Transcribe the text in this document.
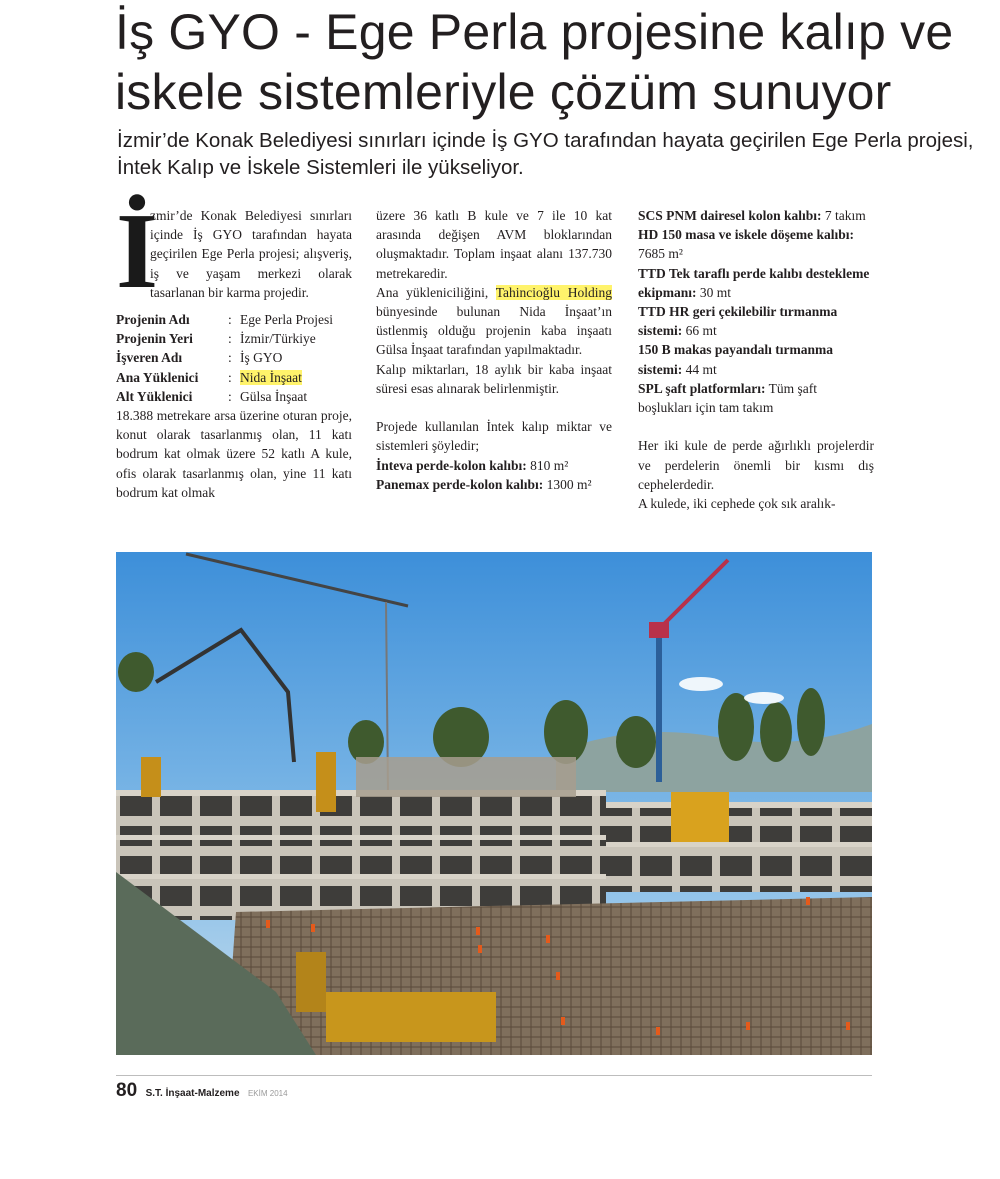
İş GYO - Ege Perla projesine kalıp ve iskele sistemleriyle çözüm sunuyor

İzmir’de Konak Belediyesi sınırları içinde İş GYO tarafından hayata geçirilen Ege Perla projesi, İntek Kalıp ve İskele Sistemleri ile yükseliyor.

İ
zmir’de Konak Belediyesi sınırları içinde İş GYO tarafından hayata geçirilen Ege Perla projesi; alışveriş, iş ve yaşam merkezi olarak tasarlanan bir karma projedir.

Projenin Adı	:	Ege Perla Projesi
Projenin Yeri	:	İzmir/Türkiye
İşveren Adı	:	İş GYO
Ana Yüklenici	:	Nida İnşaat
Alt Yüklenici	:	Gülsa İnşaat

18.388 metrekare arsa üzerine oturan proje, konut olarak tasarlanmış olan, 11 katı bodrum kat olmak üzere 52 katlı A kule, ofis olarak tasarlanmış olan, yine 11 katı bodrum kat olmak

üzere 36 katlı B kule ve 7 ile 10 kat arasında değişen AVM bloklarından oluşmaktadır. Toplam inşaat alanı 137.730 metrekaredir.

Ana yükleniciliğini, Tahincioğlu Holding bünyesinde bulunan Nida İnşaat’ın üstlenmiş olduğu projenin kaba inşaatı Gülsa İnşaat tarafından yapılmaktadır.

Kalıp miktarları, 18 aylık bir kaba inşaat süresi esas alınarak belirlenmiştir.

Projede kullanılan İntek kalıp miktar ve sistemleri şöyledir;

İnteva perde-kolon kalıbı: 810 m²

Panemax perde-kolon kalıbı: 1300 m²

SCS PNM dairesel kolon kalıbı: 7 takım

HD 150 masa ve iskele döşeme kalıbı: 7685 m²

TTD Tek taraflı perde kalıbı destekleme ekipmanı: 30 mt

TTD HR geri çekilebilir tırmanma sistemi: 66 mt

150 B makas payandalı tırmanma sistemi: 44 mt

SPL şaft platformları: Tüm şaft boşlukları için tam takım

Her iki kule de perde ağırlıklı projelerdir ve perdelerin önemli bir kısmı dış cephelerdedir.

A kulede, iki cephede çok sık aralık-

80 S.T. İnşaat-Malzeme EKİM 2014
